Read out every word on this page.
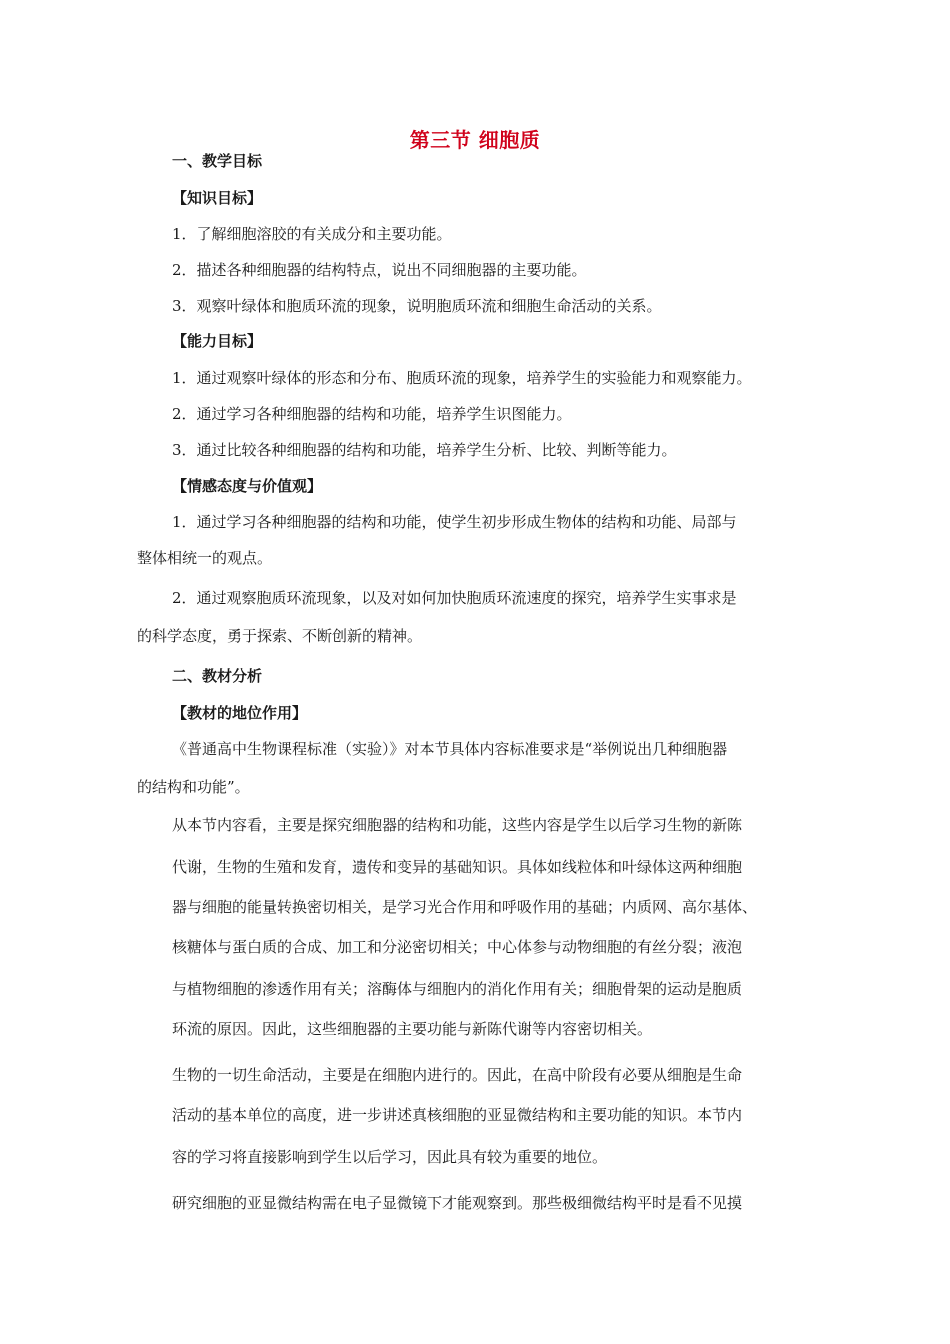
第三节 细胞质

一、教学目标

【知识目标】

1．了解细胞溶胶的有关成分和主要功能。

2．描述各种细胞器的结构特点，说出不同细胞器的主要功能。

3．观察叶绿体和胞质环流的现象，说明胞质环流和细胞生命活动的关系。

【能力目标】

1．通过观察叶绿体的形态和分布、胞质环流的现象，培养学生的实验能力和观察能力。

2．通过学习各种细胞器的结构和功能，培养学生识图能力。

3．通过比较各种细胞器的结构和功能，培养学生分析、比较、判断等能力。

【情感态度与价值观】

1．通过学习各种细胞器的结构和功能，使学生初步形成生物体的结构和功能、局部与

整体相统一的观点。

2．通过观察胞质环流现象，以及对如何加快胞质环流速度的探究，培养学生实事求是

的科学态度，勇于探索、不断创新的精神。

二、教材分析

【教材的地位作用】

《普通高中生物课程标准（实验）》对本节具体内容标准要求是“举例说出几种细胞器

的结构和功能”。

从本节内容看，主要是探究细胞器的结构和功能，这些内容是学生以后学习生物的新陈

代谢，生物的生殖和发育，遗传和变异的基础知识。具体如线粒体和叶绿体这两种细胞

器与细胞的能量转换密切相关，是学习光合作用和呼吸作用的基础；内质网、高尔基体、

核糖体与蛋白质的合成、加工和分泌密切相关；中心体参与动物细胞的有丝分裂；液泡

与植物细胞的渗透作用有关；溶酶体与细胞内的消化作用有关；细胞骨架的运动是胞质

环流的原因。因此，这些细胞器的主要功能与新陈代谢等内容密切相关。

生物的一切生命活动，主要是在细胞内进行的。因此，在高中阶段有必要从细胞是生命

活动的基本单位的高度，进一步讲述真核细胞的亚显微结构和主要功能的知识。本节内

容的学习将直接影响到学生以后学习，因此具有较为重要的地位。

研究细胞的亚显微结构需在电子显微镜下才能观察到。那些极细微结构平时是看不见摸
